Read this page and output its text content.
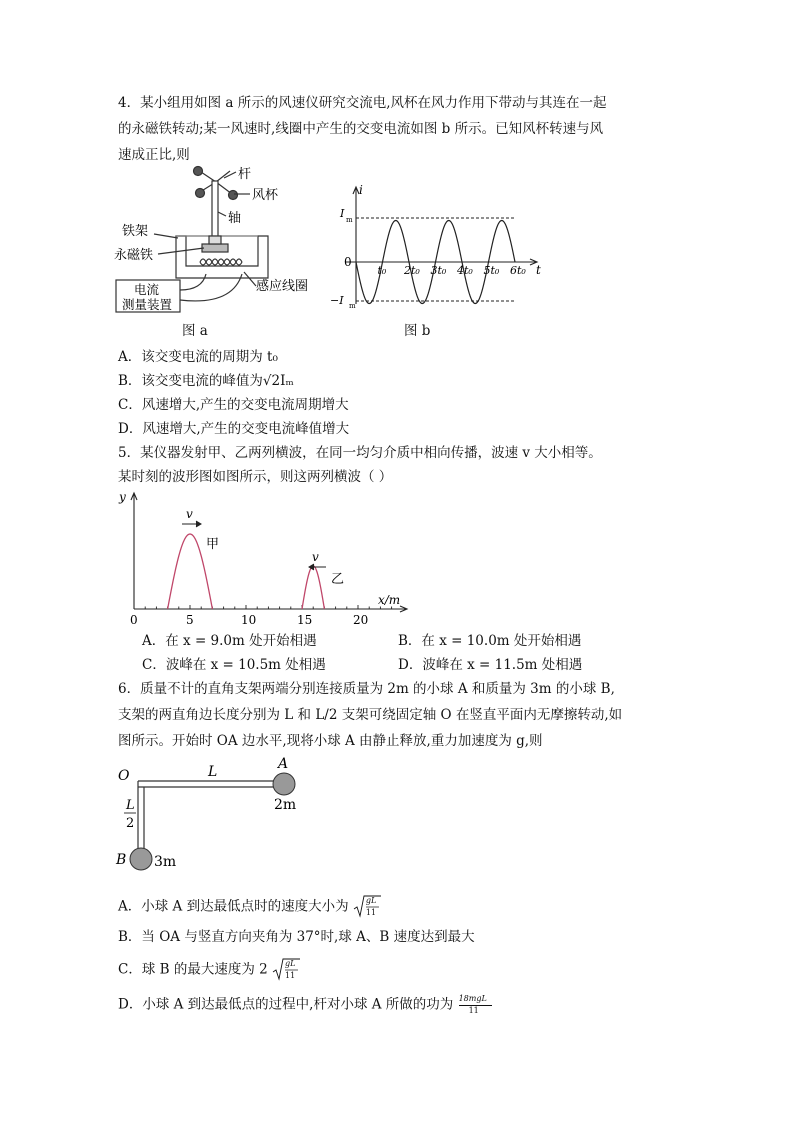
4．某小组用如图 a 所示的风速仪研究交流电,风杯在风力作用下带动与其连在一起
的永磁铁转动;某一风速时,线圈中产生的交变电流如图 b 所示。已知风杯转速与风
速成正比,则
杆
风杯
轴
铁架
永磁铁
电流
测量装置
感应线圈
图 a
i
t
0
I m
−I m
t₀ 2t₀ 3t₀ 4t₀ 5t₀ 6t₀
图 b
A．该交变电流的周期为 t₀
B．该交变电流的峰值为√2Iₘ
C．风速增大,产生的交变电流周期增大
D．风速增大,产生的交变电流峰值增大
5．某仪器发射甲、乙两列横波，在同一均匀介质中相向传播，波速 v 大小相等。
某时刻的波形图如图所示，则这两列横波（ ）
v
v
甲
乙
y
x/m
0	5	10	15	20
A．在 x = 9.0m 处开始相遇	B．在 x = 10.0m 处开始相遇
C．波峰在 x = 10.5m 处相遇	D．波峰在 x = 11.5m 处相遇
6．质量不计的直角支架两端分别连接质量为 2m 的小球 A 和质量为 3m 的小球 B,
支架的两直角边长度分别为 L 和 L/2 支架可绕固定轴 O 在竖直平面内无摩擦转动,如
图所示。开始时 OA 边水平,现将小球 A 由静止释放,重力加速度为 g,则
O	L	A
2m
L
2
B 3m
A．小球 A 到达最低点时的速度大小为 gL
11
B．当 OA 与竖直方向夹角为 37°时,球 A、B 速度达到最大
C．球 B 的最大速度为 2 gL
11
D．小球 A 到达最低点的过程中,杆对小球 A 所做的功为 18mgL
11
